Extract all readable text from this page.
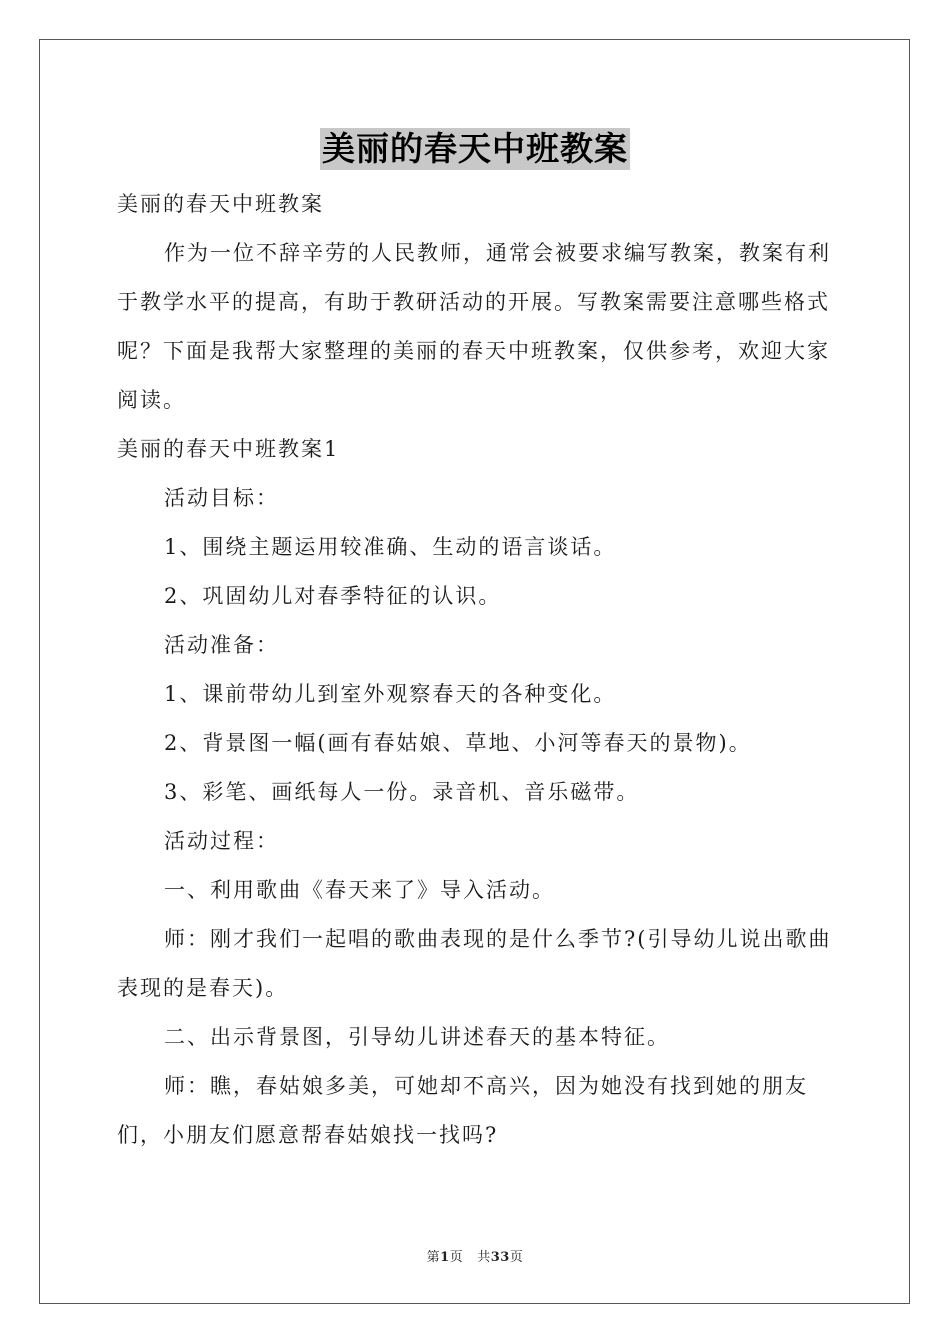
美丽的春天中班教案

美丽的春天中班教案

作为一位不辞辛劳的人民教师，通常会被要求编写教案，教案有利于教学水平的提高，有助于教研活动的开展。写教案需要注意哪些格式呢？下面是我帮大家整理的美丽的春天中班教案，仅供参考，欢迎大家阅读。

美丽的春天中班教案1

活动目标：

1、围绕主题运用较准确、生动的语言谈话。

2、巩固幼儿对春季特征的认识。

活动准备：

1、课前带幼儿到室外观察春天的各种变化。

2、背景图一幅(画有春姑娘、草地、小河等春天的景物)。

3、彩笔、画纸每人一份。录音机、音乐磁带。

活动过程：

一、利用歌曲《春天来了》导入活动。

师：刚才我们一起唱的歌曲表现的是什么季节?(引导幼儿说出歌曲表现的是春天)。

二、出示背景图，引导幼儿讲述春天的基本特征。

师：瞧，春姑娘多美，可她却不高兴，因为她没有找到她的朋友们，小朋友们愿意帮春姑娘找一找吗?

第1页 共33页
